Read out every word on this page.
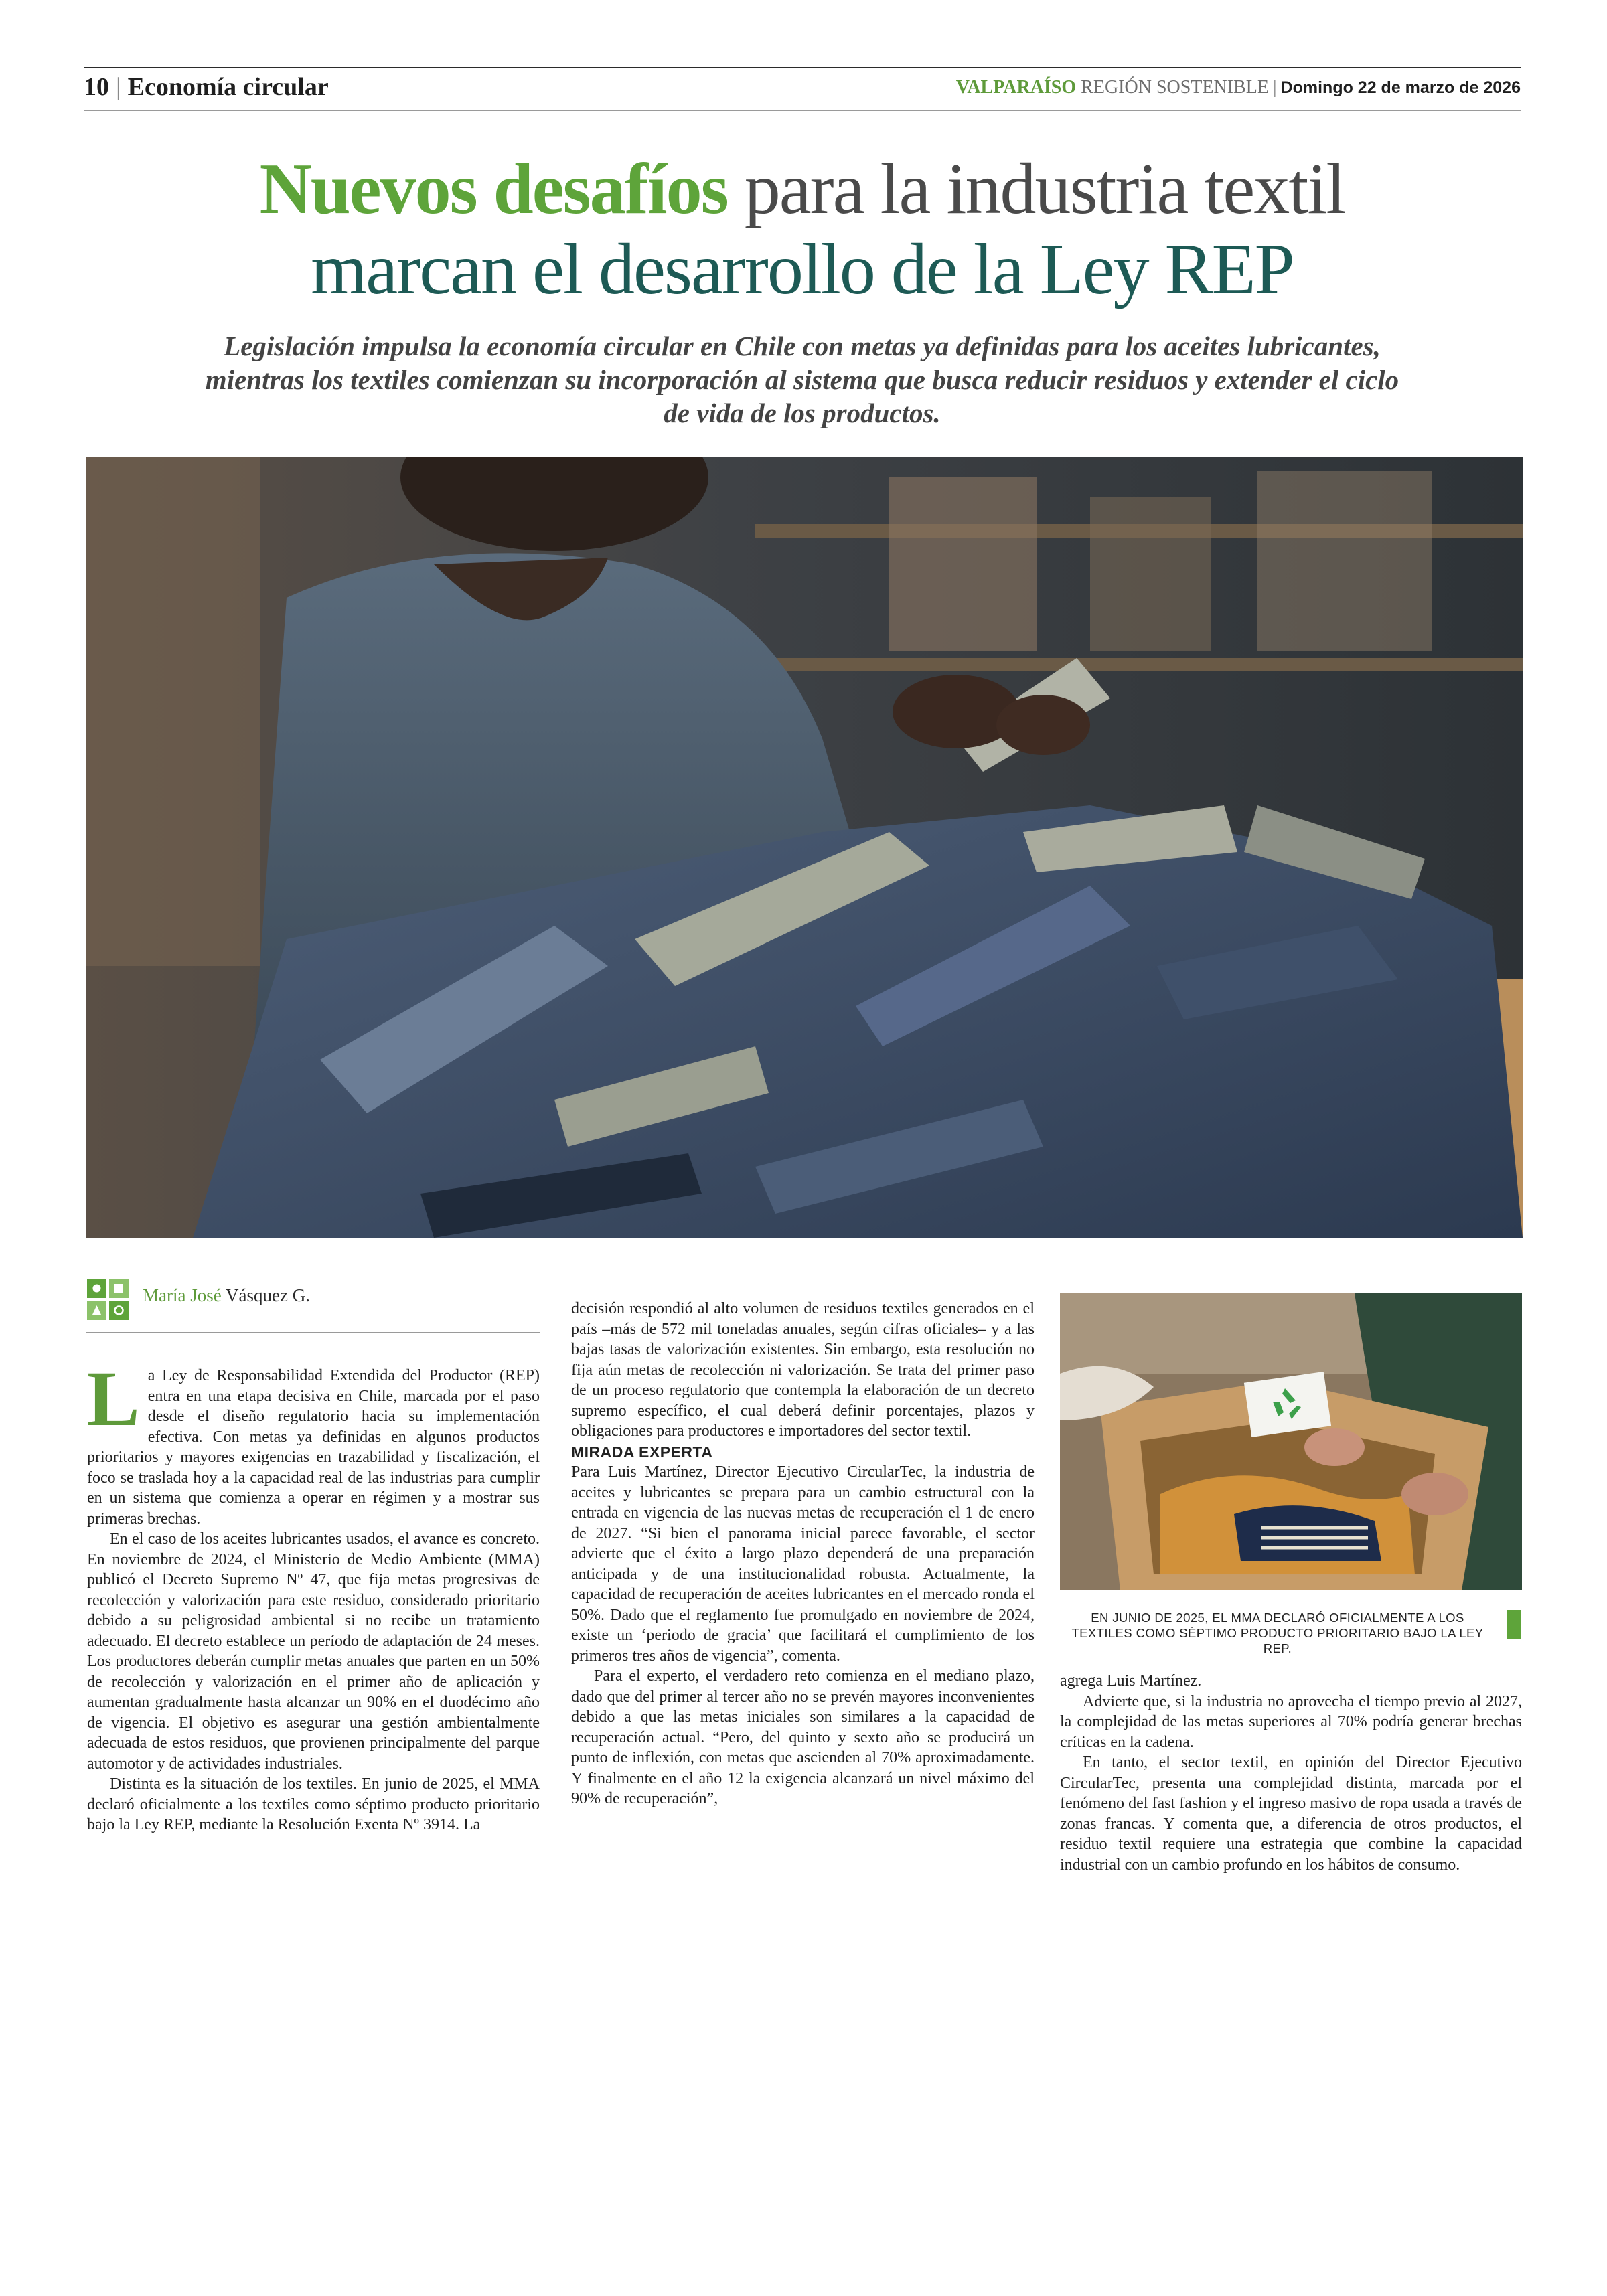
10 | Economía circular	VALPARAÍSO REGIÓN SOSTENIBLE | Domingo 22 de marzo de 2026
Nuevos desafíos para la industria textil
marcan el desarrollo de la Ley REP
Legislación impulsa la economía circular en Chile con metas ya definidas para los aceites lubricantes, mientras los textiles comienzan su incorporación al sistema que busca reducir residuos y extender el ciclo de vida de los productos.
María José Vásquez G.

La Ley de Responsabilidad Extendida del Productor (REP) entra en una etapa decisiva en Chile, marcada por el paso desde el diseño regulatorio hacia su implementación efectiva. Con metas ya definidas en algunos productos prioritarios y mayores exigencias en trazabilidad y fiscalización, el foco se traslada hoy a la capacidad real de las industrias para cumplir en un sistema que comienza a operar en régimen y a mostrar sus primeras brechas.

En el caso de los aceites lubricantes usados, el avance es concreto. En noviembre de 2024, el Ministerio de Medio Ambiente (MMA) publicó el Decreto Supremo Nº 47, que fija metas progresivas de recolección y valorización para este residuo, considerado prioritario debido a su peligrosidad ambiental si no recibe un tratamiento adecuado. El decreto establece un período de adaptación de 24 meses. Los productores deberán cumplir metas anuales que parten en un 50% de recolección y valorización en el primer año de aplicación y aumentan gradualmente hasta alcanzar un 90% en el duodécimo año de vigencia. El objetivo es asegurar una gestión ambientalmente adecuada de estos residuos, que provienen principalmente del parque automotor y de actividades industriales.

Distinta es la situación de los textiles. En junio de 2025, el MMA declaró oficialmente a los textiles como séptimo producto prioritario bajo la Ley REP, mediante la Resolución Exenta Nº 3914. La

decisión respondió al alto volumen de residuos textiles generados en el país –más de 572 mil toneladas anuales, según cifras oficiales– y a las bajas tasas de valorización existentes. Sin embargo, esta resolución no fija aún metas de recolección ni valorización. Se trata del primer paso de un proceso regulatorio que contempla la elaboración de un decreto supremo específico, el cual deberá definir porcentajes, plazos y obligaciones para productores e importadores del sector textil.

MIRADA EXPERTA

Para Luis Martínez, Director Ejecutivo CircularTec, la industria de aceites y lubricantes se prepara para un cambio estructural con la entrada en vigencia de las nuevas metas de recuperación el 1 de enero de 2027. “Si bien el panorama inicial parece favorable, el sector advierte que el éxito a largo plazo dependerá de una preparación anticipada y de una institucionalidad robusta. Actualmente, la capacidad de recuperación de aceites lubricantes en el mercado ronda el 50%. Dado que el reglamento fue promulgado en noviembre de 2024, existe un ‘periodo de gracia’ que facilitará el cumplimiento de los primeros tres años de vigencia”, comenta.

Para el experto, el verdadero reto comienza en el mediano plazo, dado que del primer al tercer año no se prevén mayores inconvenientes debido a que las metas iniciales son similares a la capacidad de recuperación actual. “Pero, del quinto y sexto año se producirá un punto de inflexión, con metas que ascienden al 70% aproximadamente. Y finalmente en el año 12 la exigencia alcanzará un nivel máximo del 90% de recuperación”,

EN JUNIO DE 2025, EL MMA DECLARÓ OFICIALMENTE A LOS TEXTILES COMO SÉPTIMO PRODUCTO PRIORITARIO BAJO LA LEY REP.

agrega Luis Martínez.

Advierte que, si la industria no aprovecha el tiempo previo al 2027, la complejidad de las metas superiores al 70% podría generar brechas críticas en la cadena.

En tanto, el sector textil, en opinión del Director Ejecutivo CircularTec, presenta una complejidad distinta, marcada por el fenómeno del fast fashion y el ingreso masivo de ropa usada a través de zonas francas. Y comenta que, a diferencia de otros productos, el residuo textil requiere una estrategia que combine la capacidad industrial con un cambio profundo en los hábitos de consumo.
